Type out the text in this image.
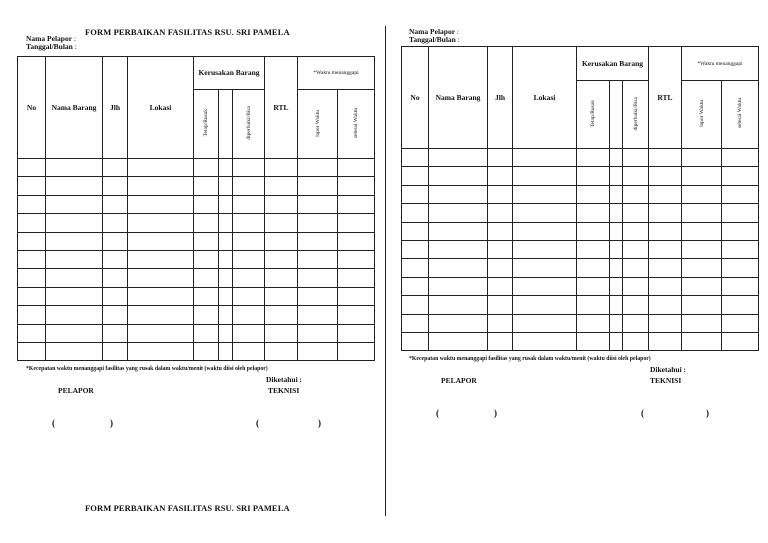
FORM PERBAIKAN FASILITAS RSU. SRI PAMELA
Nama Pelapor :
Tanggal/Bulan :
No	Nama Barang	Jlh	Lokasi	Kerusakan Barang			RTL	*Waktu menanggapi	
				Tetap/Rusak		diperbaiki/Bisa		lapor Waktu	selesai Waktu

*Kecepatan waktu menanggapi fasilitas yang rusak dalam waktu/menit (waktu diisi oleh pelapor)
Diketahui :
PELAPOR	TEKNISI
(	)	(	)
FORM PERBAIKAN FASILITAS RSU. SRI PAMELA
Nama Pelapor :
Tanggal/Bulan :
No	Nama Barang	Jlh	Lokasi	Kerusakan Barang			RTL	*Waktu menanggapi	
				Tetap/Rusak		diperbaiki/Bisa		lapor Waktu	selesai Waktu

*Kecepatan waktu menanggapi fasilitas yang rusak dalam waktu/menit (waktu diisi oleh pelapor)
Diketahui :
PELAPOR	TEKNISI
(	)	(	)
